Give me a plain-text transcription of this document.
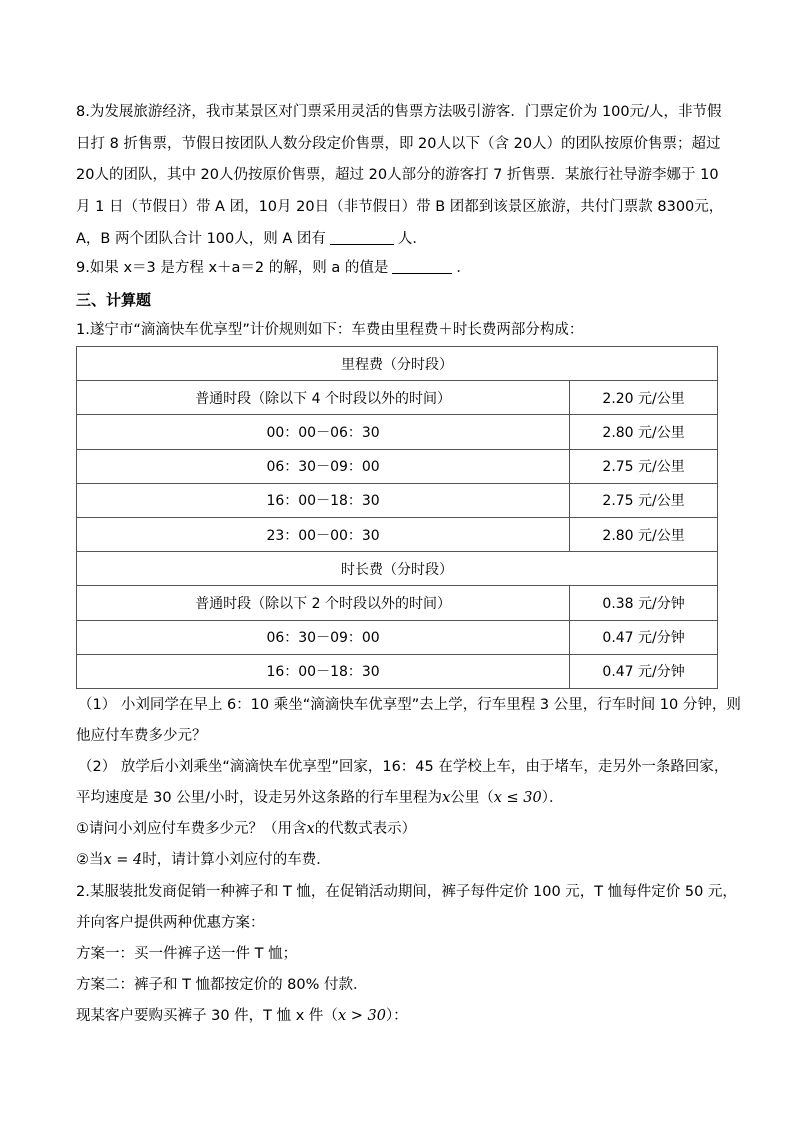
8.为发展旅游经济，我市某景区对门票采用灵活的售票方法吸引游客．门票定价为 100元/人，非节假
日打 8 折售票，节假日按团队人数分段定价售票，即 20人以下（含 20人）的团队按原价售票；超过
20人的团队，其中 20人仍按原价售票，超过 20人部分的游客打 7 折售票．某旅行社导游李娜于 10
月 1 日（节假日）带 A 团，10月 20日（非节假日）带 B 团都到该景区旅游，共付门票款 8300元，
A，B 两个团队合计 100人，则 A 团有	人．
9.如果 x＝3 是方程 x＋a＝2 的解，则 a 的值是	．
三、计算题
1.遂宁市“滴滴快车优享型”计价规则如下：车费由里程费＋时长费两部分构成：
里程费（分时段）	
普通时段（除以下 4 个时段以外的时间）	2.20 元/公里
00：00－06：30	2.80 元/公里
06：30－09：00	2.75 元/公里
16：00－18：30	2.75 元/公里
23：00－00：30	2.80 元/公里
时长费（分时段）	
普通时段（除以下 2 个时段以外的时间）	0.38 元/分钟
06：30－09：00	0.47 元/分钟
16：00－18：30	0.47 元/分钟
（1） 小刘同学在早上 6：10 乘坐“滴滴快车优享型”去上学，行车里程 3 公里，行车时间 10 分钟，则
他应付车费多少元？
（2） 放学后小刘乘坐“滴滴快车优享型”回家，16：45 在学校上车，由于堵车，走另外一条路回家，
平均速度是 30 公里/小时，设走另外这条路的行车里程为x公里（x ≤ 30）．
①请问小刘应付车费多少元？（用含x的代数式表示）
②当x = 4时，请计算小刘应付的车费．
2.某服装批发商促销一种裤子和 T 恤，在促销活动期间，裤子每件定价 100 元，T 恤每件定价 50 元，
并向客户提供两种优惠方案：
方案一：买一件裤子送一件 T 恤；
方案二：裤子和 T 恤都按定价的 80% 付款．
现某客户要购买裤子 30 件，T 恤 x 件（x > 30）：
